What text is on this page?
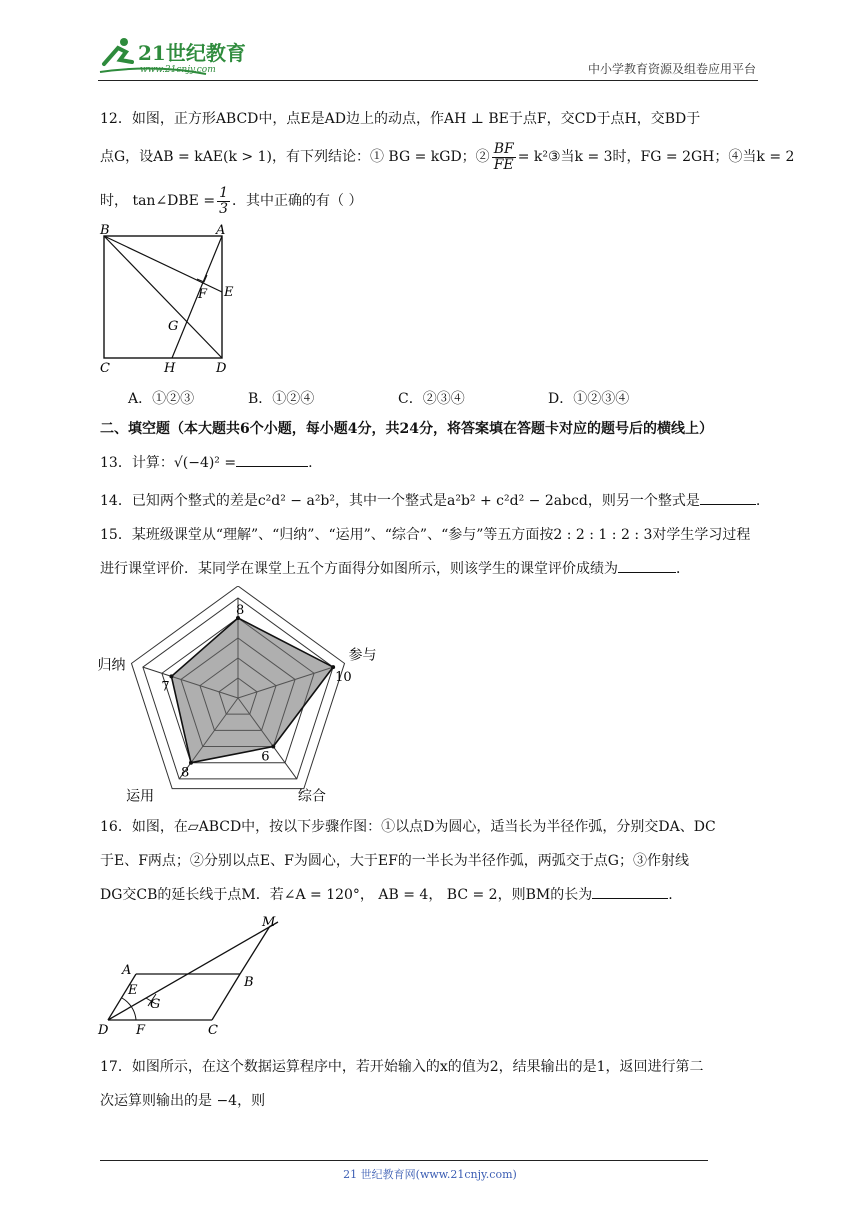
21世纪教育
www.21cnjy.com	中小学教育资源及组卷应用平台
12．如图，正方形ABCD中，点E是AD边上的动点，作AH ⊥ BE于点F，交CD于点H，交BD于
点G，设AB = kAE(k > 1)，有下列结论：① BG = kGD；② $\frac{BF}{FE}$ = k²③当k = 3时，FG = 2GH；④当k = 2
时， tan∠DBE = $\frac{1}{3}$ ．其中正确的有（ ）
B	A
F E
G
C	H	D
A．①②③	B．①②④	C．②③④	D．①②③④
二、填空题（本大题共6个小题，每小题4分，共24分，将答案填在答题卡对应的题号后的横线上）
13．计算：√(−4)² =	.
14．已知两个整式的差是c²d² − a²b²，其中一个整式是a²b² + c²d² − 2abcd，则另一个整式是	.
15．某班级课堂从“理解”、“归纳”、“运用”、“综合”、“参与”等五方面按2 : 2 : 1 : 2 : 3对学生学习过程
进行课堂评价．某同学在课堂上五个方面得分如图所示，则该学生的课堂评价成绩为	．
8
10
6
8
7
参与
综合
运用
归纳
16．如图，在▱ABCD中，按以下步骤作图：①以点D为圆心，适当长为半径作弧，分别交DA、DC
于E、F两点；②分别以点E、F为圆心，大于EF的一半长为半径作弧，两弧交于点G；③作射线
DG交CB的延长线于点M．若∠A = 120°， AB = 4， BC = 2，则BM的长为	.
M
A
B
E
G
D F	C
17．如图所示，在这个数据运算程序中，若开始输入的x的值为2，结果输出的是1，返回进行第二
次运算则输出的是 −4，则
21 世纪教育网(www.21cnjy.com)
